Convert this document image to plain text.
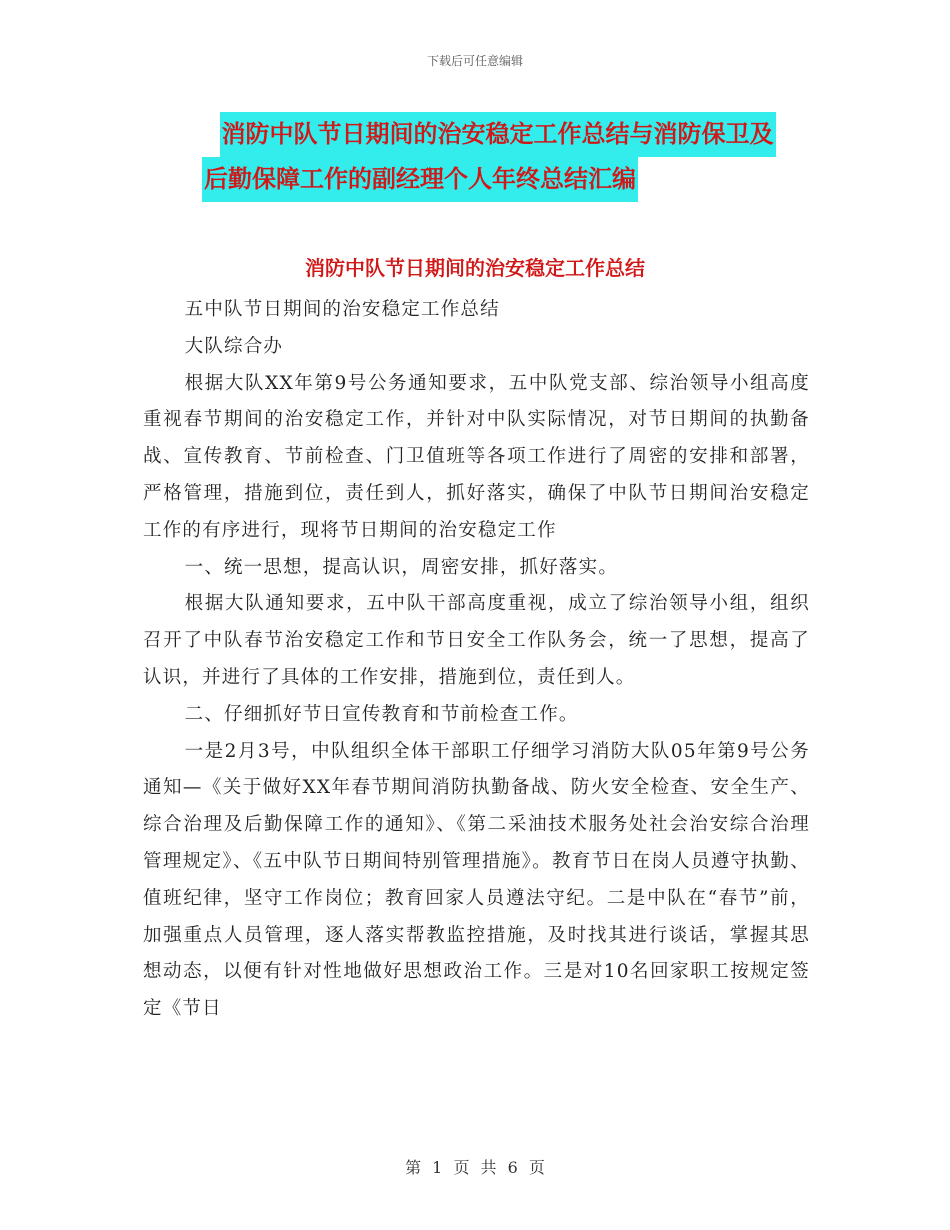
下载后可任意编辑
消防中队节日期间的治安稳定工作总结与消防保卫及
后勤保障工作的副经理个人年终总结汇编
消防中队节日期间的治安稳定工作总结

五中队节日期间的治安稳定工作总结

大队综合办

根据大队XX年第9号公务通知要求，五中队党支部、综治领导小组高度重视春节期间的治安稳定工作，并针对中队实际情况，对节日期间的执勤备战、宣传教育、节前检查、门卫值班等各项工作进行了周密的安排和部署，严格管理，措施到位，责任到人，抓好落实，确保了中队节日期间治安稳定工作的有序进行，现将节日期间的治安稳定工作

一、统一思想，提高认识，周密安排，抓好落实。

根据大队通知要求，五中队干部高度重视，成立了综治领导小组，组织召开了中队春节治安稳定工作和节日安全工作队务会，统一了思想，提高了认识，并进行了具体的工作安排，措施到位，责任到人。

二、仔细抓好节日宣传教育和节前检查工作。

一是2月3号，中队组织全体干部职工仔细学习消防大队05年第9号公务通知—《关于做好XX年春节期间消防执勤备战、防火安全检查、安全生产、综合治理及后勤保障工作的通知》、《第二采油技术服务处社会治安综合治理管理规定》、《五中队节日期间特别管理措施》。教育节日在岗人员遵守执勤、值班纪律，坚守工作岗位；教育回家人员遵法守纪。二是中队在“春节”前，加强重点人员管理，逐人落实帮教监控措施，及时找其进行谈话，掌握其思想动态，以便有针对性地做好思想政治工作。三是对10名回家职工按规定签定《节日

第 1 页 共 6 页
